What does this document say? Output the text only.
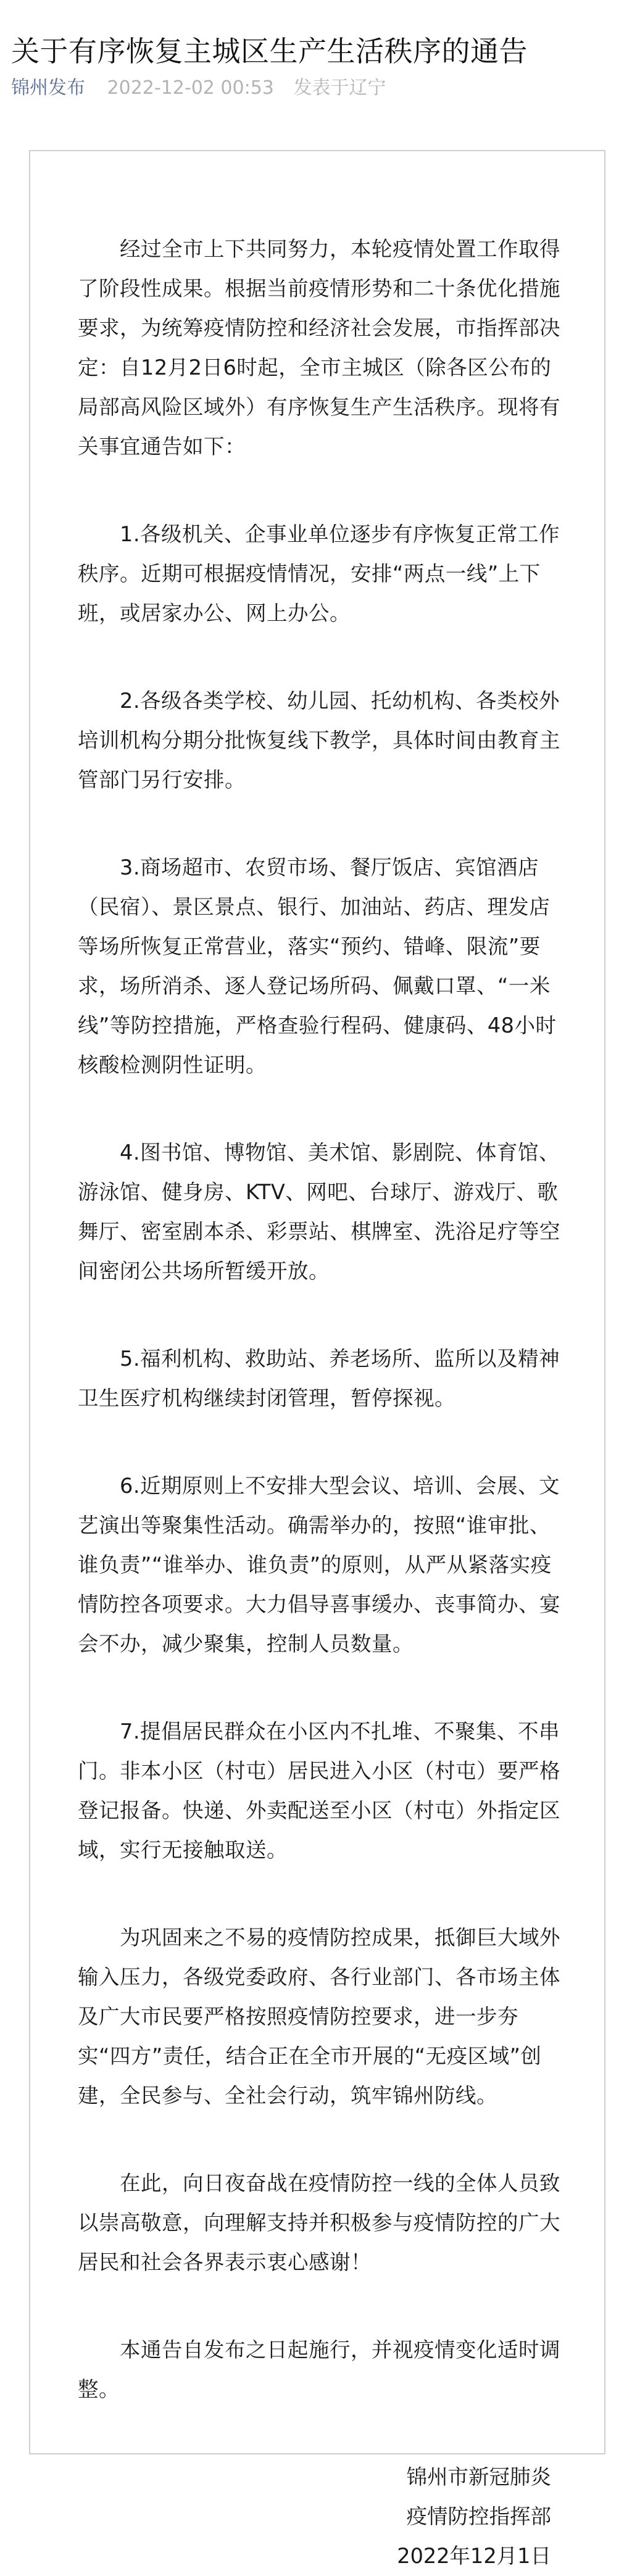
关于有序恢复主城区生产生活秩序的通告
锦州发布 2022-12-02 00:53 发表于辽宁

经过全市上下共同努力，本轮疫情处置工作取得了阶段性成果。根据当前疫情形势和二十条优化措施要求，为统筹疫情防控和经济社会发展，市指挥部决定：自12月2日6时起，全市主城区（除各区公布的局部高风险区域外）有序恢复生产生活秩序。现将有关事宜通告如下：

1.各级机关、企事业单位逐步有序恢复正常工作秩序。近期可根据疫情情况，安排“两点一线”上下班，或居家办公、网上办公。

2.各级各类学校、幼儿园、托幼机构、各类校外培训机构分期分批恢复线下教学，具体时间由教育主管部门另行安排。

3.商场超市、农贸市场、餐厅饭店、宾馆酒店（民宿）、景区景点、银行、加油站、药店、理发店等场所恢复正常营业，落实“预约、错峰、限流”要求，场所消杀、逐人登记场所码、佩戴口罩、“一米线”等防控措施，严格查验行程码、健康码、48小时核酸检测阴性证明。

4.图书馆、博物馆、美术馆、影剧院、体育馆、游泳馆、健身房、KTV、网吧、台球厅、游戏厅、歌舞厅、密室剧本杀、彩票站、棋牌室、洗浴足疗等空间密闭公共场所暂缓开放。

5.福利机构、救助站、养老场所、监所以及精神卫生医疗机构继续封闭管理，暂停探视。

6.近期原则上不安排大型会议、培训、会展、文艺演出等聚集性活动。确需举办的，按照“谁审批、谁负责”“谁举办、谁负责”的原则，从严从紧落实疫情防控各项要求。大力倡导喜事缓办、丧事简办、宴会不办，减少聚集，控制人员数量。

7.提倡居民群众在小区内不扎堆、不聚集、不串门。非本小区（村屯）居民进入小区（村屯）要严格登记报备。快递、外卖配送至小区（村屯）外指定区域，实行无接触取送。

为巩固来之不易的疫情防控成果，抵御巨大域外输入压力，各级党委政府、各行业部门、各市场主体及广大市民要严格按照疫情防控要求，进一步夯实“四方”责任，结合正在全市开展的“无疫区域”创建，全民参与、全社会行动，筑牢锦州防线。

在此，向日夜奋战在疫情防控一线的全体人员致以崇高敬意，向理解支持并积极参与疫情防控的广大居民和社会各界表示衷心感谢！

本通告自发布之日起施行，并视疫情变化适时调整。

锦州市新冠肺炎
疫情防控指挥部
2022年12月1日
